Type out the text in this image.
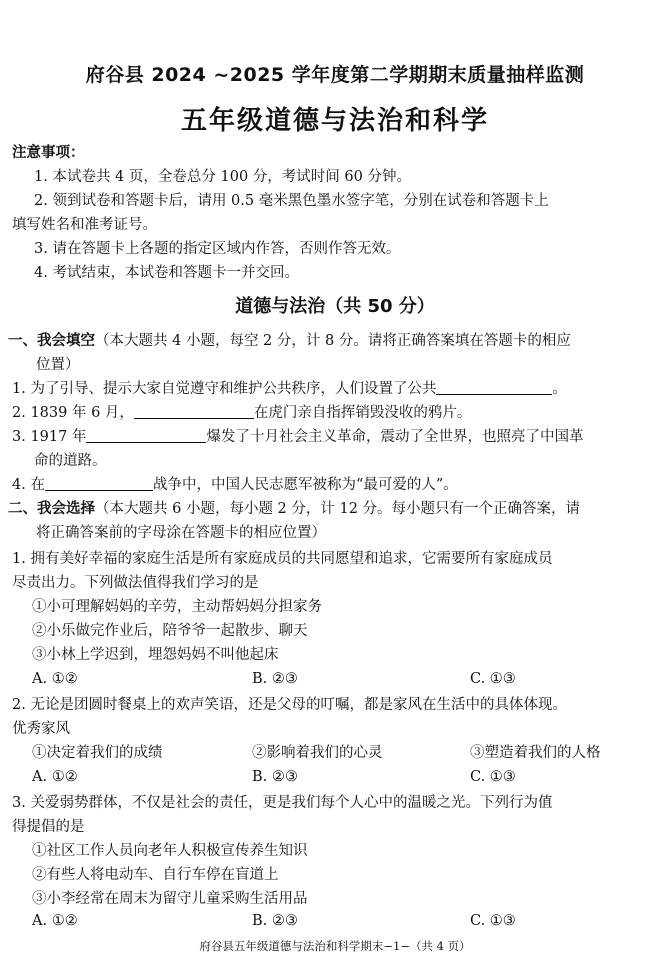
府谷县 2024 ~2025 学年度第二学期期末质量抽样监测
五年级道德与法治和科学
注意事项：
1. 本试卷共 4 页，全卷总分 100 分，考试时间 60 分钟。
2. 领到试卷和答题卡后，请用 0.5 毫米黑色墨水签字笔，分别在试卷和答题卡上
填写姓名和准考证号。
3. 请在答题卡上各题的指定区域内作答，否则作答无效。
4. 考试结束，本试卷和答题卡一并交回。
道德与法治（共 50 分）
一、我会填空（本大题共 4 小题，每空 2 分，计 8 分。请将正确答案填在答题卡的相应
位置）
1. 为了引导、提示大家自觉遵守和维护公共秩序，人们设置了公共	。
2. 1839 年 6 月，	在虎门亲自指挥销毁没收的鸦片。
3. 1917 年	爆发了十月社会主义革命，震动了全世界，也照亮了中国革
命的道路。
4. 在	战争中，中国人民志愿军被称为“最可爱的人”。
二、我会选择（本大题共 6 小题，每小题 2 分，计 12 分。每小题只有一个正确答案，请
将正确答案前的字母涂在答题卡的相应位置）
1. 拥有美好幸福的家庭生活是所有家庭成员的共同愿望和追求，它需要所有家庭成员
尽责出力。下列做法值得我们学习的是
①小可理解妈妈的辛劳，主动帮妈妈分担家务
②小乐做完作业后，陪爷爷一起散步、聊天
③小林上学迟到，埋怨妈妈不叫他起床
A. ①②	B. ②③	C. ①③
2. 无论是团圆时餐桌上的欢声笑语，还是父母的叮嘱，都是家风在生活中的具体体现。
优秀家风
①决定着我们的成绩	②影响着我们的心灵	③塑造着我们的人格
A. ①②	B. ②③	C. ①③
3. 关爱弱势群体，不仅是社会的责任，更是我们每个人心中的温暖之光。下列行为值
得提倡的是
①社区工作人员向老年人积极宣传养生知识
②有些人将电动车、自行车停在盲道上
③小李经常在周末为留守儿童采购生活用品
A. ①②	B. ②③	C. ①③
府谷县五年级道德与法治和科学期末−1−（共 4 页）
